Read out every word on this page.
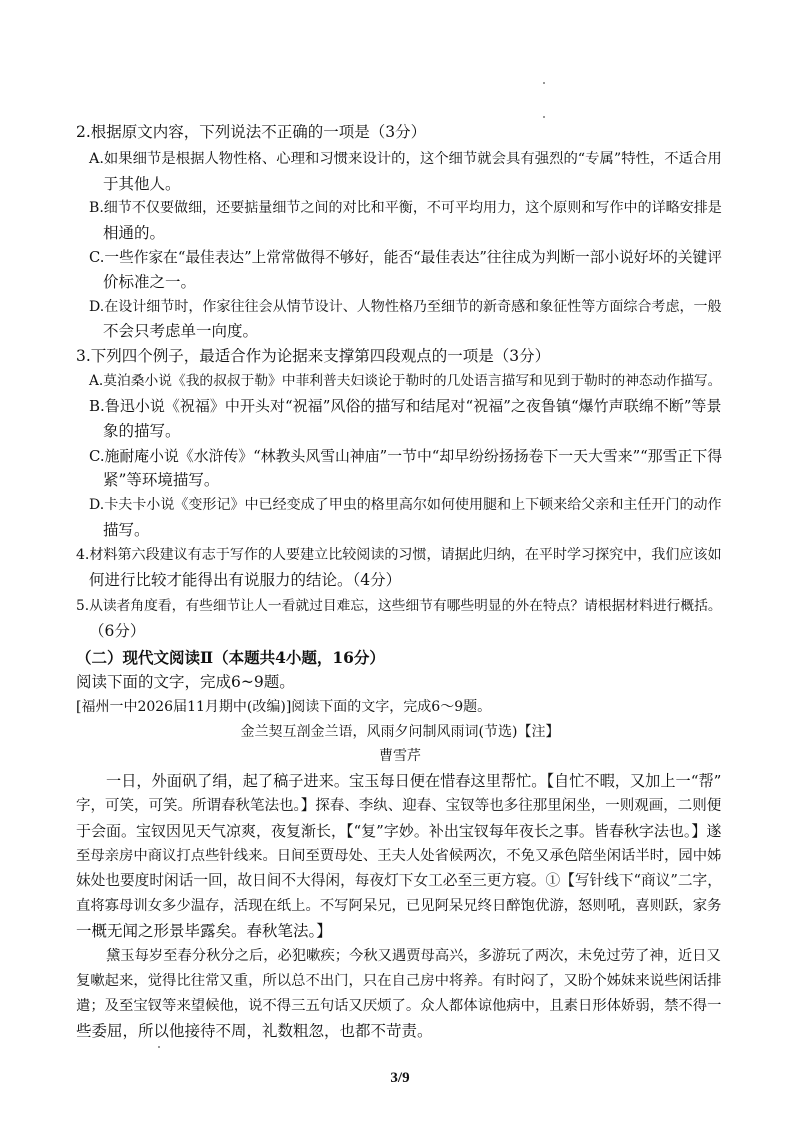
2.根据原文内容，下列说法不正确的一项是（3分）
A.如果细节是根据人物性格、心理和习惯来设计的，这个细节就会具有强烈的“专属”特性，不适合用
于其他人。
B.细节不仅要做细，还要掂量细节之间的对比和平衡，不可平均用力，这个原则和写作中的详略安排是
相通的。
C.一些作家在“最佳表达”上常常做得不够好，能否“最佳表达”往往成为判断一部小说好坏的关键评
价标准之一。
D.在设计细节时，作家往往会从情节设计、人物性格乃至细节的新奇感和象征性等方面综合考虑，一般
不会只考虑单一向度。
3.下列四个例子，最适合作为论据来支撑第四段观点的一项是（3分）
A.莫泊桑小说《我的叔叔于勒》中菲利普夫妇谈论于勒时的几处语言描写和见到于勒时的神态动作描写。
B.鲁迅小说《祝福》中开头对“祝福”风俗的描写和结尾对“祝福”之夜鲁镇“爆竹声联绵不断”等景
象的描写。
C.施耐庵小说《水浒传》“林教头风雪山神庙”一节中“却早纷纷扬扬卷下一天大雪来”“那雪正下得
紧”等环境描写。
D.卡夫卡小说《变形记》中已经变成了甲虫的格里高尔如何使用腿和上下顿来给父亲和主任开门的动作
描写。
4.材料第六段建议有志于写作的人要建立比较阅读的习惯，请据此归纳，在平时学习探究中，我们应该如
何进行比较才能得出有说服力的结论。（4分）
5.从读者角度看，有些细节让人一看就过目难忘，这些细节有哪些明显的外在特点？请根据材料进行概括。
（6分）
（二）现代文阅读Ⅱ（本题共4小题，16分）
阅读下面的文字，完成6~9题。
[福州一中2026届11月期中(改编)]阅读下面的文字，完成6～9题。
金兰契互剖金兰语，风雨夕问制风雨词(节选)【注】
曹雪芹
一日，外面矾了绢，起了稿子进来。宝玉每日便在惜春这里帮忙。【自忙不暇，又加上一“帮”
字，可笑，可笑。所谓春秋笔法也。】探春、李纨、迎春、宝钗等也多往那里闲坐，一则观画，二则便
于会面。宝钗因见天气凉爽，夜复渐长，【“复”字妙。补出宝钗每年夜长之事。皆春秋字法也。】遂
至母亲房中商议打点些针线来。日间至贾母处、王夫人处省候两次，不免又承色陪坐闲话半时，园中姊
妹处也要度时闲话一回，故日间不大得闲，每夜灯下女工必至三更方寝。①【写针线下“商议”二字，
直将寡母训女多少温存，活现在纸上。不写阿呆兄，已见阿呆兄终日醉饱优游，怒则吼，喜则跃，家务
一概无闻之形景毕露矣。春秋笔法。】
黛玉每岁至春分秋分之后，必犯嗽疾；今秋又遇贾母高兴，多游玩了两次，未免过劳了神，近日又
复嗽起来，觉得比往常又重，所以总不出门，只在自己房中将养。有时闷了，又盼个姊妹来说些闲话排
遣；及至宝钗等来望候他，说不得三五句话又厌烦了。众人都体谅他病中，且素日形体娇弱，禁不得一
些委屈，所以他接待不周，礼数粗忽，也都不苛责。
3/9
